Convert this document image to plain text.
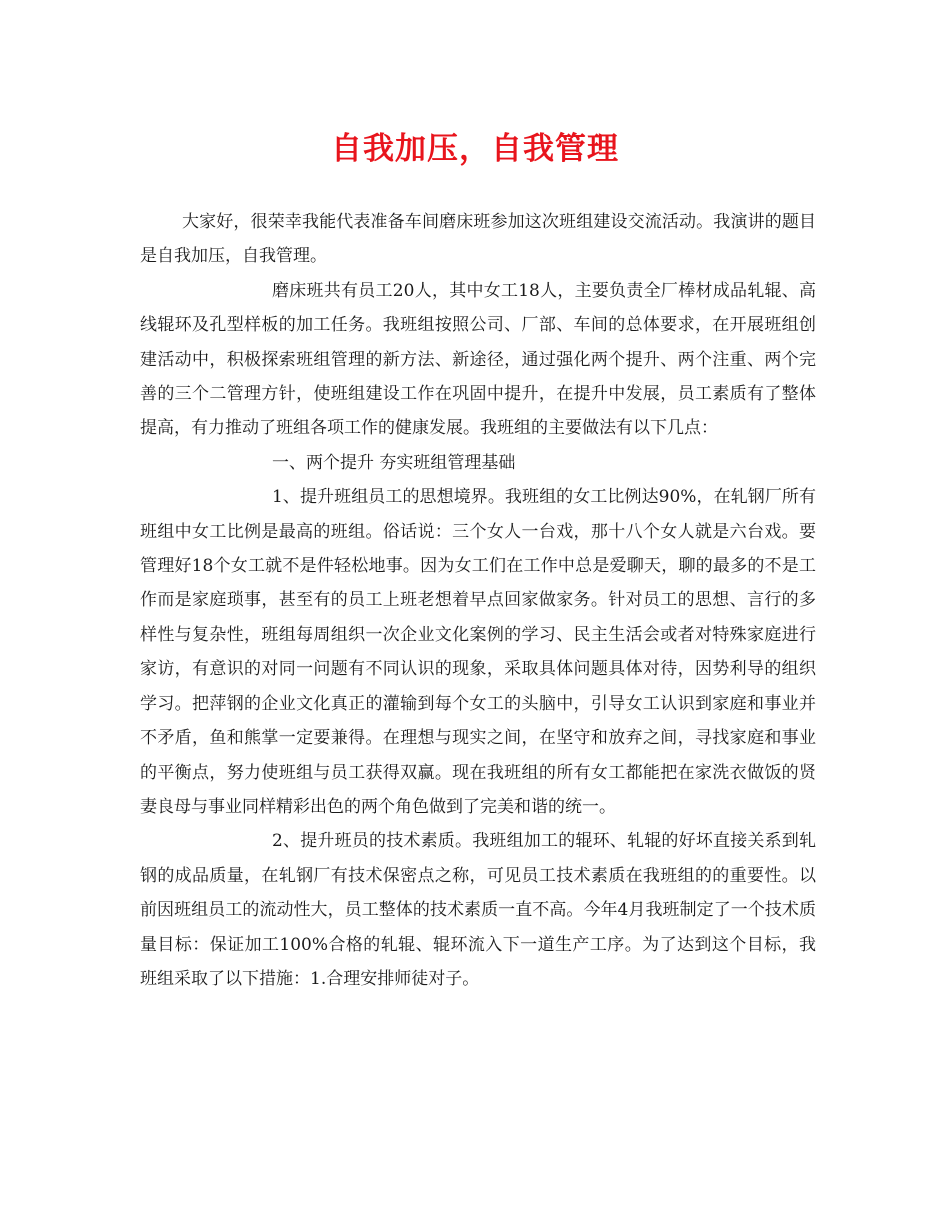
自我加压，自我管理

大家好，很荣幸我能代表准备车间磨床班参加这次班组建设交流活动。我演讲的题目是自我加压，自我管理。

磨床班共有员工20人，其中女工18人，主要负责全厂棒材成品轧辊、高线辊环及孔型样板的加工任务。我班组按照公司、厂部、车间的总体要求，在开展班组创建活动中，积极探索班组管理的新方法、新途径，通过强化两个提升、两个注重、两个完善的三个二管理方针，使班组建设工作在巩固中提升，在提升中发展，员工素质有了整体提高，有力推动了班组各项工作的健康发展。我班组的主要做法有以下几点：

一、两个提升 夯实班组管理基础

1、提升班组员工的思想境界。我班组的女工比例达90%，在轧钢厂所有班组中女工比例是最高的班组。俗话说：三个女人一台戏，那十八个女人就是六台戏。要管理好18个女工就不是件轻松地事。因为女工们在工作中总是爱聊天，聊的最多的不是工作而是家庭琐事，甚至有的员工上班老想着早点回家做家务。针对员工的思想、言行的多样性与复杂性，班组每周组织一次企业文化案例的学习、民主生活会或者对特殊家庭进行家访，有意识的对同一问题有不同认识的现象，采取具体问题具体对待，因势利导的组织学习。把萍钢的企业文化真正的灌输到每个女工的头脑中，引导女工认识到家庭和事业并不矛盾，鱼和熊掌一定要兼得。在理想与现实之间，在坚守和放弃之间，寻找家庭和事业的平衡点，努力使班组与员工获得双赢。现在我班组的所有女工都能把在家洗衣做饭的贤妻良母与事业同样精彩出色的两个角色做到了完美和谐的统一。

2、提升班员的技术素质。我班组加工的辊环、轧辊的好坏直接关系到轧钢的成品质量，在轧钢厂有技术保密点之称，可见员工技术素质在我班组的的重要性。以前因班组员工的流动性大，员工整体的技术素质一直不高。今年4月我班制定了一个技术质量目标：保证加工100%合格的轧辊、辊环流入下一道生产工序。为了达到这个目标，我班组采取了以下措施：1.合理安排师徒对子。
